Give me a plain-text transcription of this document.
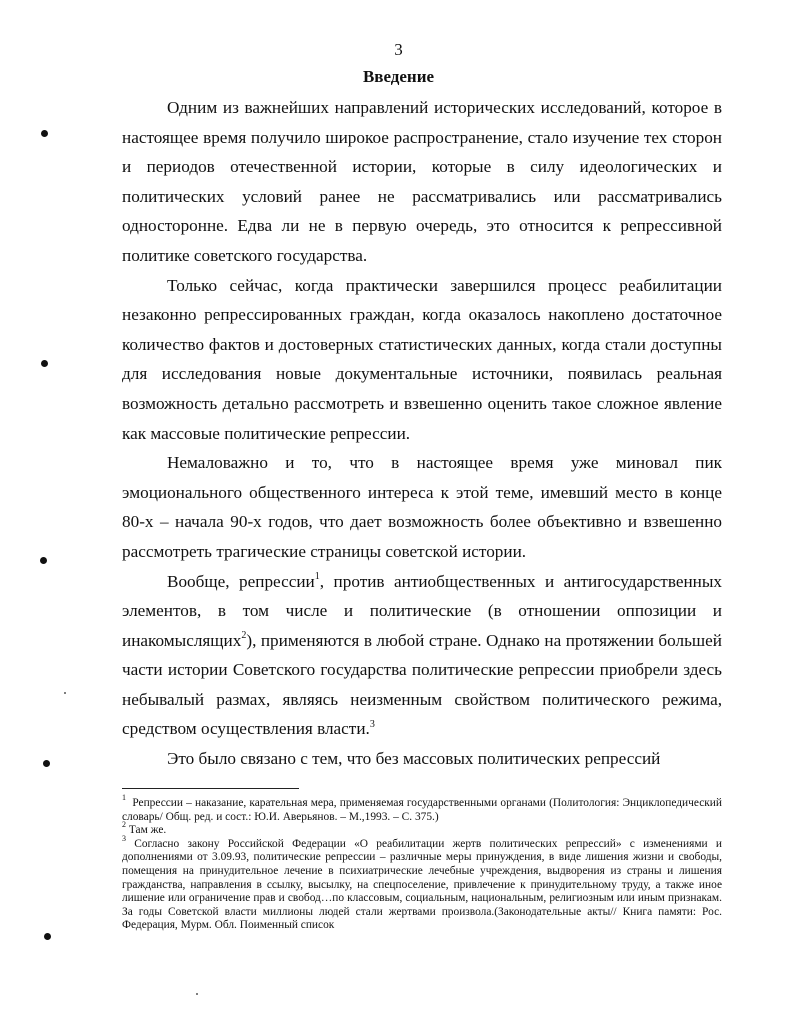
3
Введение

Одним из важнейших направлений исторических исследований, которое в настоящее время получило широкое распространение, стало изучение тех сторон и периодов отечественной истории, которые в силу идеологических и политических условий ранее не рассматривались или рассматривались односторонне. Едва ли не в первую очередь, это относится к репрессивной политике советского государства.

Только сейчас, когда практически завершился процесс реабилитации незаконно репрессированных граждан, когда оказалось накоплено достаточное количество фактов и достоверных статистических данных, когда стали доступны для исследования новые документальные источники, появилась реальная возможность детально рассмотреть и взвешенно оценить такое сложное явление как массовые политические репрессии.

Немаловажно и то, что в настоящее время уже миновал пик эмоционального общественного интереса к этой теме, имевший место в конце 80-х – начала 90-х годов, что дает возможность более объективно и взвешенно рассмотреть трагические страницы советской истории.

Вообще, репрессии$^1$, против антиобщественных и антигосударственных элементов, в том числе и политические (в отношении оппозиции и инакомыслящих$^2$), применяются в любой стране. Однако на протяжении большей части истории Советского государства политические репрессии приобрели здесь небывалый размах, являясь неизменным свойством политического режима, средством осуществления власти.$^3$

Это было связано с тем, что без массовых политических репрессий

$^1$ Репрессии – наказание, карательная мера, применяемая государственными органами (Политология: Энциклопедический словарь/ Общ. ред. и сост.: Ю.И. Аверьянов. – М.,1993. – С. 375.)

$^2$ Там же.

$^3$ Согласно закону Российской Федерации «О реабилитации жертв политических репрессий» с изменениями и дополнениями от 3.09.93, политические репрессии – различные меры принуждения, в виде лишения жизни и свободы, помещения на принудительное лечение в психиатрические лечебные учреждения, выдворения из страны и лишения гражданства, направления в ссылку, высылку, на спецпоселение, привлечение к принудительному труду, а также иное лишение или ограничение прав и свобод…по классовым, социальным, национальным, религиозным или иным признакам. За годы Советской власти миллионы людей стали жертвами произвола.(Законодательные акты// Книга памяти: Рос. Федерация, Мурм. Обл. Поименный список
